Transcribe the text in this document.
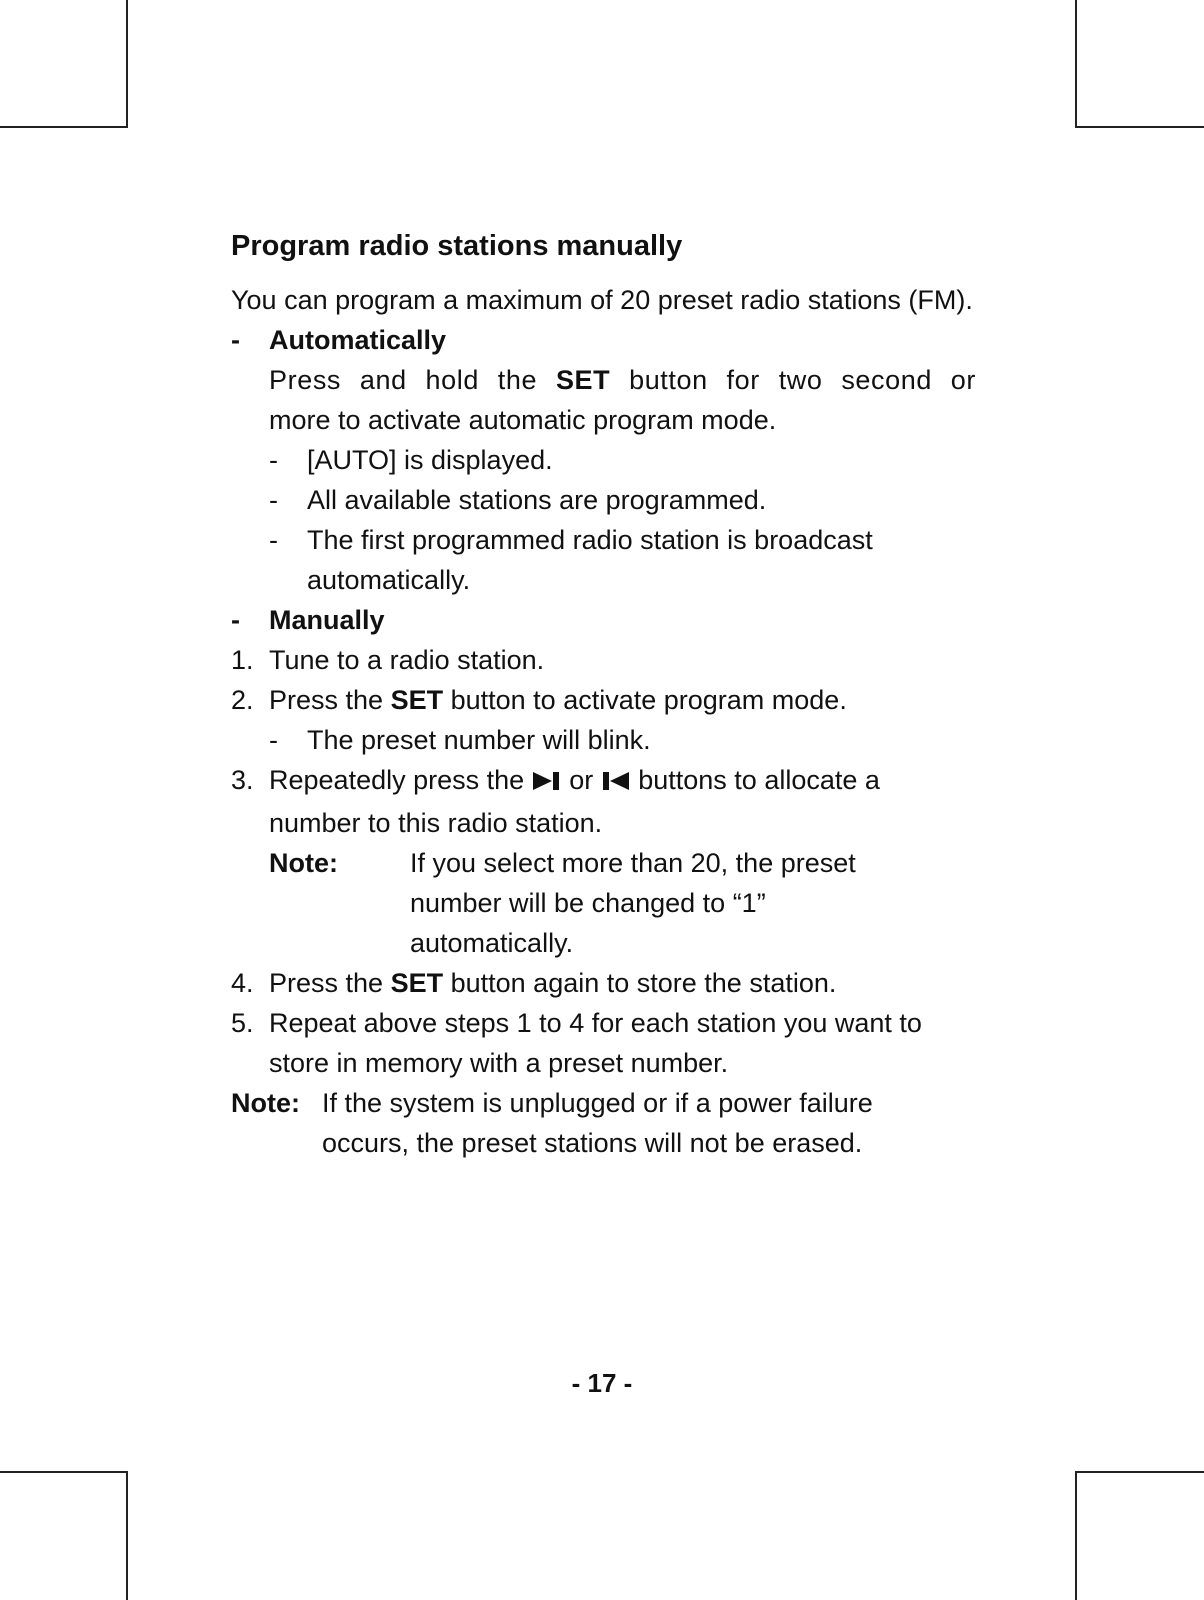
Program radio stations manually

You can program a maximum of 20 preset radio stations (FM).

- Automatically
Press and hold the SET button for two second or
more to activate automatic program mode.
- [AUTO] is displayed.
- All available stations are programmed.
- The first programmed radio station is broadcast automatically.
- Manually
1. Tune to a radio station.
2. Press the SET button to activate program mode.
- The preset number will blink.
3. Repeatedly press the or buttons to allocate a number to this radio station.
Note:	If you select more than 20, the preset number will be changed to “1” automatically.
4. Press the SET button again to store the station.
5. Repeat above steps 1 to 4 for each station you want to store in memory with a preset number.
Note: If the system is unplugged or if a power failure occurs, the preset stations will not be erased.
- 17 -
